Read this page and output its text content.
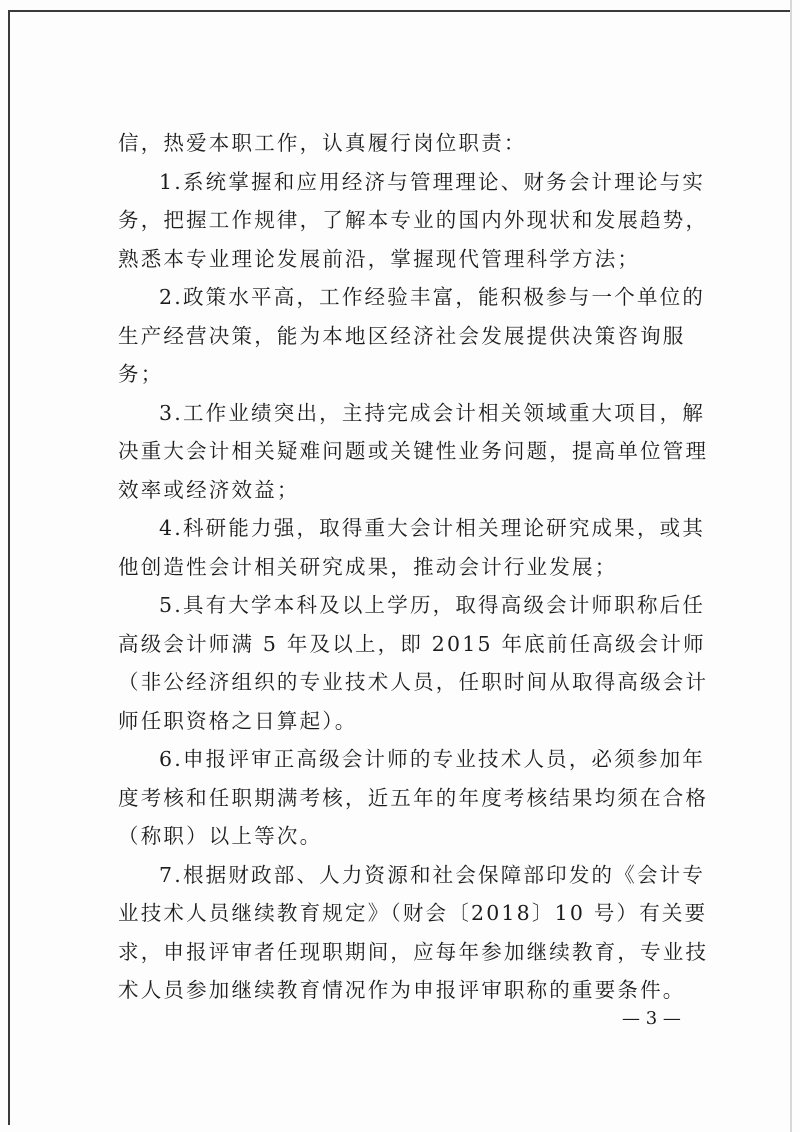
信，热爱本职工作，认真履行岗位职责：

1.系统掌握和应用经济与管理理论、财务会计理论与实务，把握工作规律，了解本专业的国内外现状和发展趋势，熟悉本专业理论发展前沿，掌握现代管理科学方法；

2.政策水平高，工作经验丰富，能积极参与一个单位的生产经营决策，能为本地区经济社会发展提供决策咨询服务；

3.工作业绩突出，主持完成会计相关领域重大项目，解决重大会计相关疑难问题或关键性业务问题，提高单位管理效率或经济效益；

4.科研能力强，取得重大会计相关理论研究成果，或其他创造性会计相关研究成果，推动会计行业发展；

5.具有大学本科及以上学历，取得高级会计师职称后任高级会计师满 5 年及以上，即 2015 年底前任高级会计师（非公经济组织的专业技术人员，任职时间从取得高级会计师任职资格之日算起）。

6.申报评审正高级会计师的专业技术人员，必须参加年度考核和任职期满考核，近五年的年度考核结果均须在合格（称职）以上等次。

7.根据财政部、人力资源和社会保障部印发的《会计专业技术人员继续教育规定》（财会〔2018〕10 号）有关要求，申报评审者任现职期间，应每年参加继续教育，专业技术人员参加继续教育情况作为申报评审职称的重要条件。

— 3 —
